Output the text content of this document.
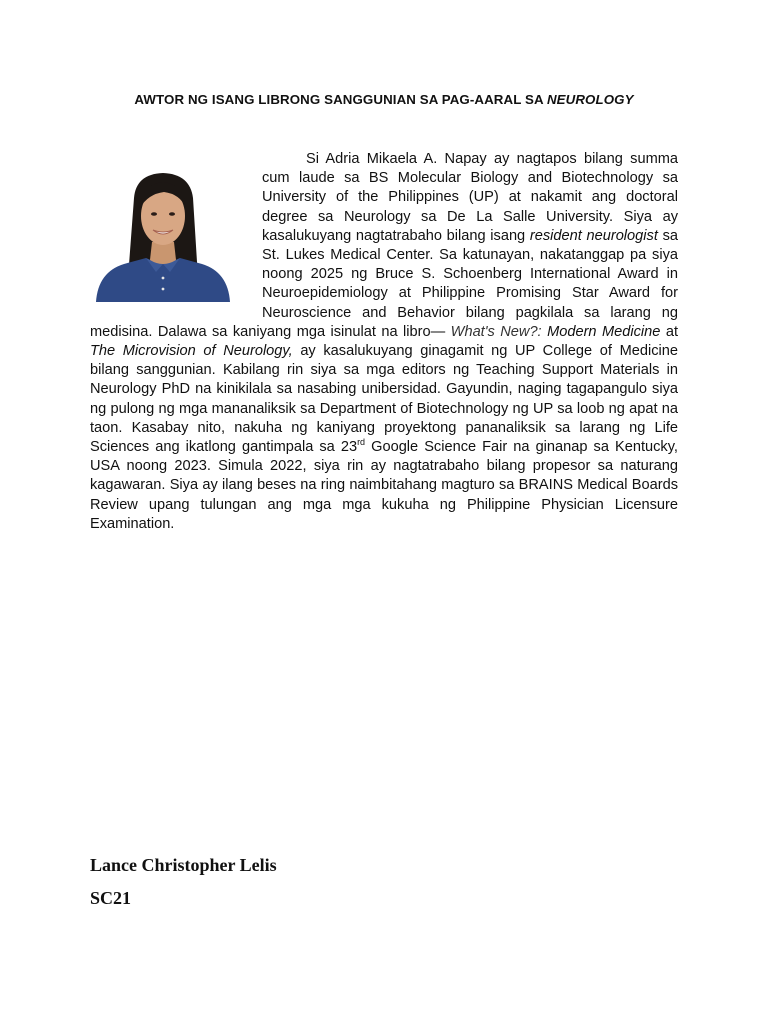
AWTOR NG ISANG LIBRONG SANGGUNIAN SA PAG-AARAL SA NEUROLOGY
Si Adria Mikaela A. Napay ay nagtapos bilang summa cum laude sa BS Molecular Biology and Biotechnology sa University of the Philippines (UP) at nakamit ang doctoral degree sa Neurology sa De La Salle University. Siya ay kasalukuyang nagtatrabaho bilang isang resident neurologist sa St. Lukes Medical Center. Sa katunayan, nakatanggap pa siya noong 2025 ng Bruce S. Schoenberg International Award in Neuroepidemiology at Philippine Promising Star Award for Neuroscience and Behavior bilang pagkilala sa larang ng medisina. Dalawa sa kaniyang mga isinulat na libro— What's New?: Modern Medicine at The Microvision of Neurology, ay kasalukuyang ginagamit ng UP College of Medicine bilang sanggunian. Kabilang rin siya sa mga editors ng Teaching Support Materials in Neurology PhD na kinikilala sa nasabing unibersidad. Gayundin, naging tagapangulo siya ng pulong ng mga mananaliksik sa Department of Biotechnology ng UP sa loob ng apat na taon. Kasabay nito, nakuha ng kaniyang proyektong pananaliksik sa larang ng Life Sciences ang ikatlong gantimpala sa 23rd Google Science Fair na ginanap sa Kentucky, USA noong 2023. Simula 2022, siya rin ay nagtatrabaho bilang propesor sa naturang kagawaran. Siya ay ilang beses na ring naimbitahang magturo sa BRAINS Medical Boards Review upang tulungan ang mga mga kukuha ng Philippine Physician Licensure Examination.
Lance Christopher Lelis
SC21
